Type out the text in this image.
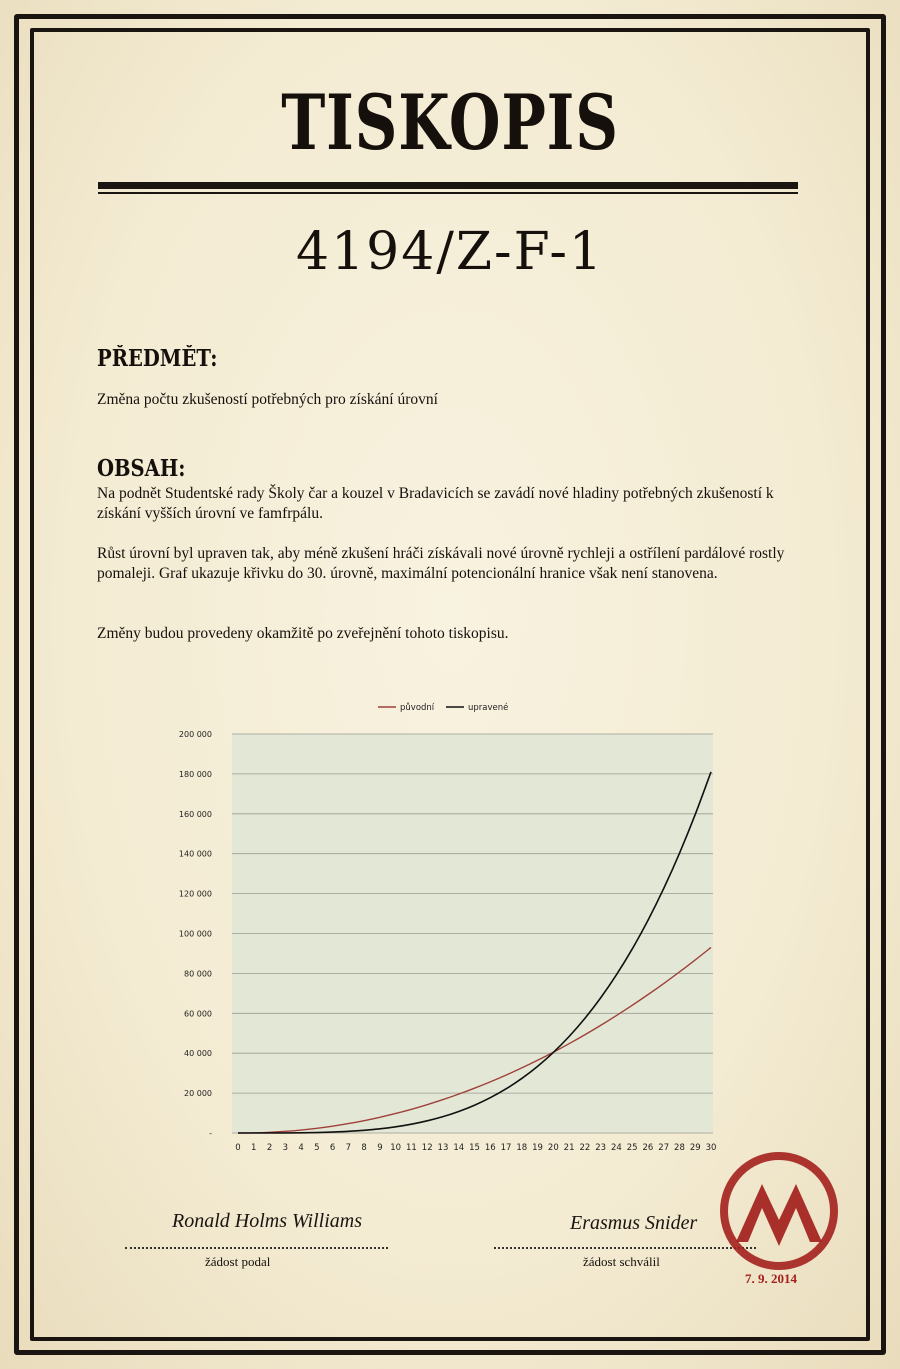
TISKOPIS
4194/Z-F-1
PŘEDMĚT:
Změna počtu zkušeností potřebných pro získání úrovní
OBSAH:
Na podnět Studentské rady Školy čar a kouzel v Bradavicích se zavádí nové hladiny potřebných zkušeností k získání vyšších úrovní ve famfrpálu.
Růst úrovní byl upraven tak, aby méně zkušení hráči získávali nové úrovně rychleji a ostřílení pardálové rostly pomaleji. Graf ukazuje křivku do 30. úrovně, maximální potencionální hranice však není stanovena.
Změny budou provedeny okamžitě po zveřejnění tohoto tiskopisu.
-
20 000
40 000
60 000
80 000
100 000
120 000
140 000
160 000
180 000
200 000
0 1 2 3 4 5 6 7 8 9 10 11 12 13 14 15 16 17 18 19 20 21 22 23 24 25 26 27 28 29 30
původní	upravené
Ronald Holms Williams
žádost podal
Erasmus Snider
žádost schválil
M
7. 9. 2014
